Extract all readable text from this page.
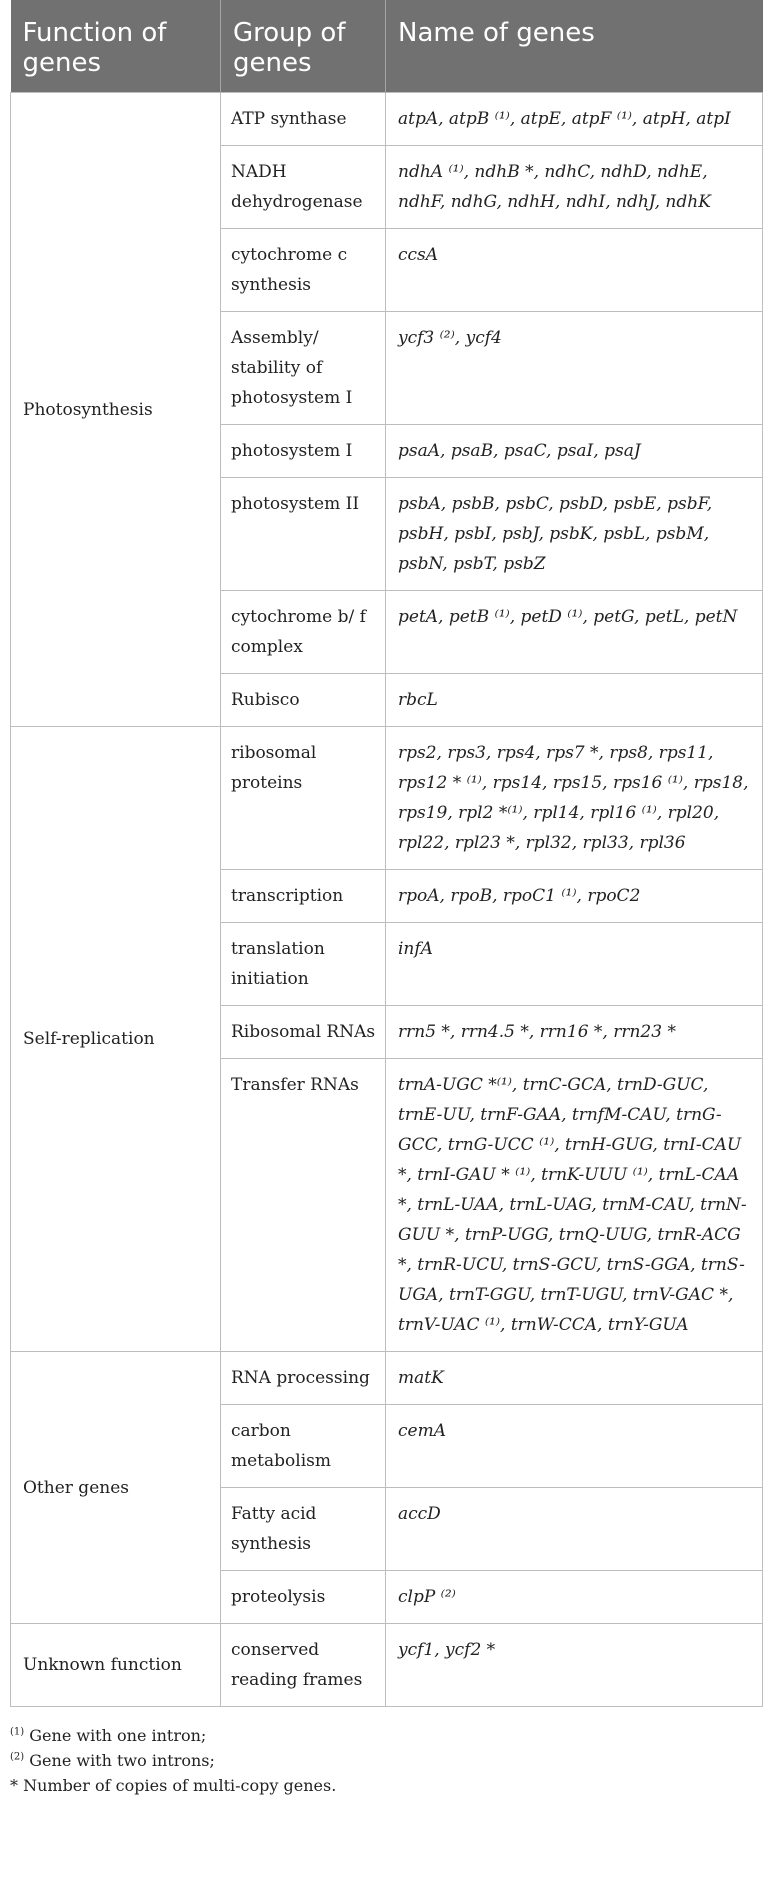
Function of genes	Group of genes	Name of genes
Photosynthesis	ATP synthase	atpA, atpB ⁽¹⁾, atpE, atpF ⁽¹⁾, atpH, atpI
	NADH dehydrogenase	ndhA ⁽¹⁾, ndhB *, ndhC, ndhD, ndhE, ndhF, ndhG, ndhH, ndhI, ndhJ, ndhK
	cytochrome c synthesis	ccsA
	Assembly/ stability of photosystem I	ycf3 ⁽²⁾, ycf4
	photosystem I	psaA, psaB, psaC, psaI, psaJ
	photosystem II	psbA, psbB, psbC, psbD, psbE, psbF, psbH, psbI, psbJ, psbK, psbL, psbM, psbN, psbT, psbZ
	cytochrome b/ f complex	petA, petB ⁽¹⁾, petD ⁽¹⁾, petG, petL, petN
	Rubisco	rbcL
Self-replication	ribosomal proteins	rps2, rps3, rps4, rps7 *, rps8, rps11, rps12 * ⁽¹⁾, rps14, rps15, rps16 ⁽¹⁾, rps18, rps19, rpl2 *⁽¹⁾, rpl14, rpl16 ⁽¹⁾, rpl20, rpl22, rpl23 *, rpl32, rpl33, rpl36
	transcription	rpoA, rpoB, rpoC1 ⁽¹⁾, rpoC2
	translation initiation	infA
	Ribosomal RNAs	rrn5 *, rrn4.5 *, rrn16 *, rrn23 *
	Transfer RNAs	trnA-UGC *⁽¹⁾, trnC-GCA, trnD-GUC, trnE-UU, trnF-GAA, trnfM-CAU, trnG-GCC, trnG-UCC ⁽¹⁾, trnH-GUG, trnI-CAU *, trnI-GAU * ⁽¹⁾, trnK-UUU ⁽¹⁾, trnL-CAA *, trnL-UAA, trnL-UAG, trnM-CAU, trnN-GUU *, trnP-UGG, trnQ-UUG, trnR-ACG *, trnR-UCU, trnS-GCU, trnS-GGA, trnS-UGA, trnT-GGU, trnT-UGU, trnV-GAC *, trnV-UAC ⁽¹⁾, trnW-CCA, trnY-GUA
Other genes	RNA processing	matK
	carbon metabolism	cemA
	Fatty acid synthesis	accD
	proteolysis	clpP ⁽²⁾
Unknown function	conserved reading frames	ycf1, ycf2 *
$^{(1)}$ Gene with one intron;
$^{(2)}$ Gene with two introns;
* Number of copies of multi-copy genes.
